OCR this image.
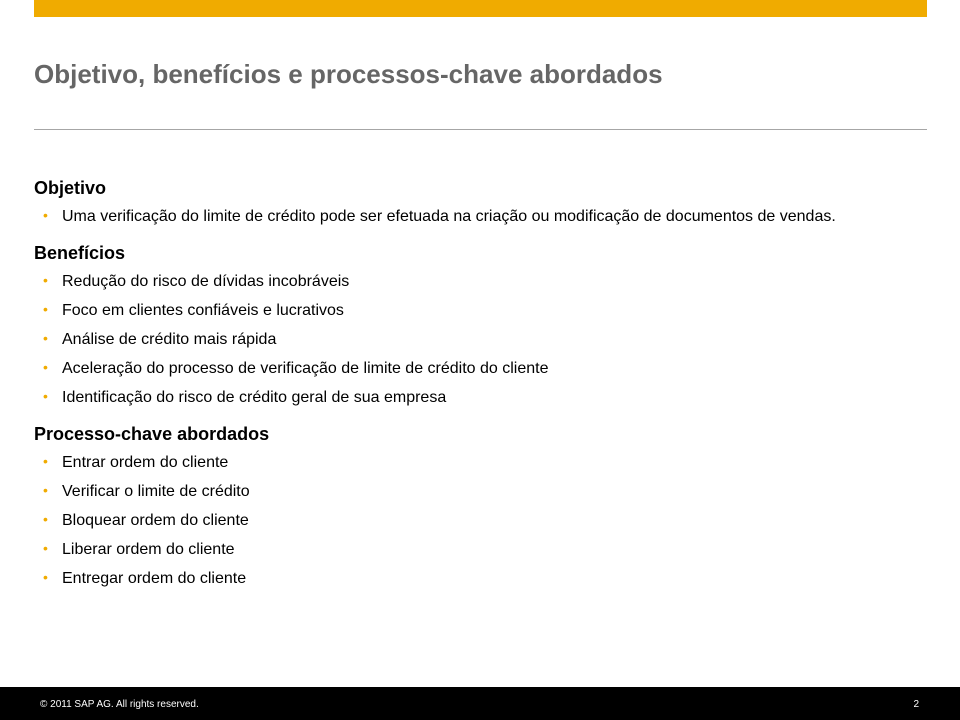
Objetivo, benefícios e processos-chave abordados
Objetivo
• Uma verificação do limite de crédito pode ser efetuada na criação ou modificação de documentos de vendas.
Benefícios
• Redução do risco de dívidas incobráveis
• Foco em clientes confiáveis e lucrativos
• Análise de crédito mais rápida
• Aceleração do processo de verificação de limite de crédito do cliente
• Identificação do risco de crédito geral de sua empresa
Processo-chave abordados
• Entrar ordem do cliente
• Verificar o limite de crédito
• Bloquear ordem do cliente
• Liberar ordem do cliente
• Entregar ordem do cliente
© 2011 SAP AG. All rights reserved.	2
